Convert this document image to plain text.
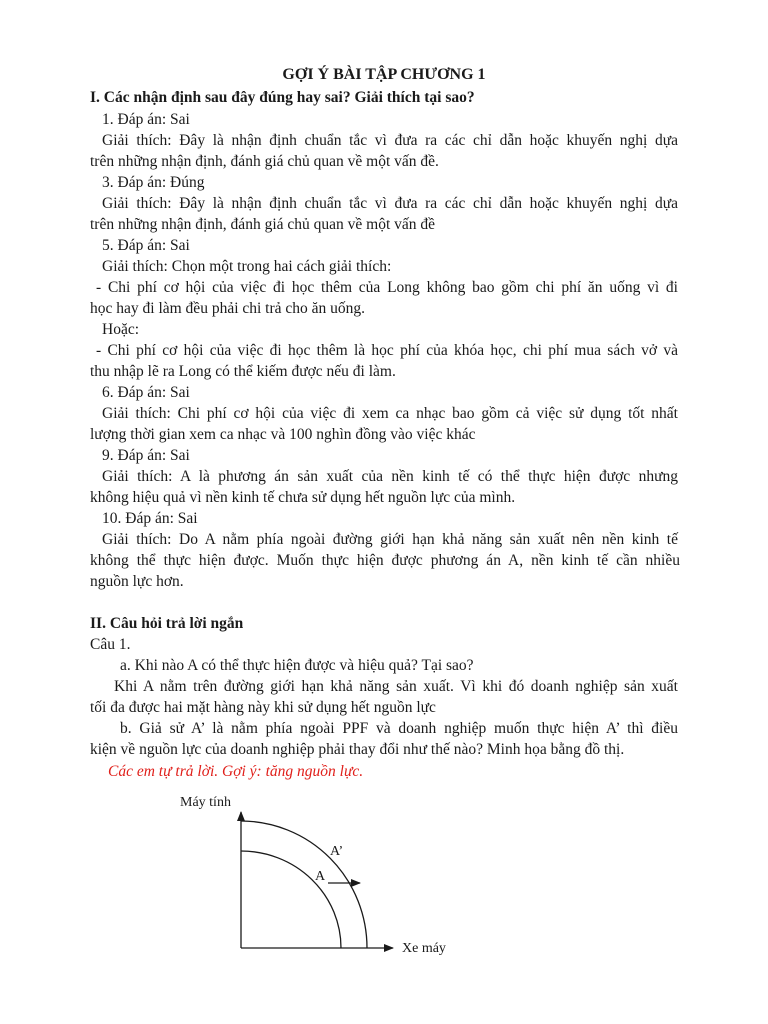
GỢI Ý BÀI TẬP CHƯƠNG 1
I. Các nhận định sau đây đúng hay sai? Giải thích tại sao?
1. Đáp án: Sai
Giải thích: Đây là nhận định chuẩn tắc vì đưa ra các chỉ dẫn hoặc khuyến nghị dựa
trên những nhận định, đánh giá chủ quan về một vấn đề.
3. Đáp án: Đúng
Giải thích: Đây là nhận định chuẩn tắc vì đưa ra các chỉ dẫn hoặc khuyến nghị dựa
trên những nhận định, đánh giá chủ quan về một vấn đề
5. Đáp án: Sai
Giải thích: Chọn một trong hai cách giải thích:
- Chi phí cơ hội của việc đi học thêm của Long không bao gồm chi phí ăn uống vì đi
học hay đi làm đều phải chi trả cho ăn uống.
Hoặc:
- Chi phí cơ hội của việc đi học thêm là học phí của khóa học, chi phí mua sách vở và
thu nhập lẽ ra Long có thể kiếm được nếu đi làm.
6. Đáp án: Sai
Giải thích: Chi phí cơ hội của việc đi xem ca nhạc bao gồm cả việc sử dụng tốt nhất
lượng thời gian xem ca nhạc và 100 nghìn đồng vào việc khác
9. Đáp án: Sai
Giải thích: A là phương án sản xuất của nền kinh tế có thể thực hiện được nhưng
không hiệu quả vì nền kinh tế chưa sử dụng hết nguồn lực của mình.
10. Đáp án: Sai
Giải thích: Do A nằm phía ngoài đường giới hạn khả năng sản xuất nên nền kinh tế
không thể thực hiện được. Muốn thực hiện được phương án A, nền kinh tế cần nhiều
nguồn lực hơn.
II. Câu hỏi trả lời ngắn
Câu 1.
a. Khi nào A có thể thực hiện được và hiệu quả? Tại sao?
Khi A nằm trên đường giới hạn khả năng sản xuất. Vì khi đó doanh nghiệp sản xuất
tối đa được hai mặt hàng này khi sử dụng hết nguồn lực
b. Giả sử A’ là nằm phía ngoài PPF và doanh nghiệp muốn thực hiện A’ thì điều
kiện về nguồn lực của doanh nghiệp phải thay đổi như thế nào? Minh họa bằng đồ thị.
Các em tự trả lời. Gợi ý: tăng nguồn lực.
Máy tính
Xe máy
A
A’
